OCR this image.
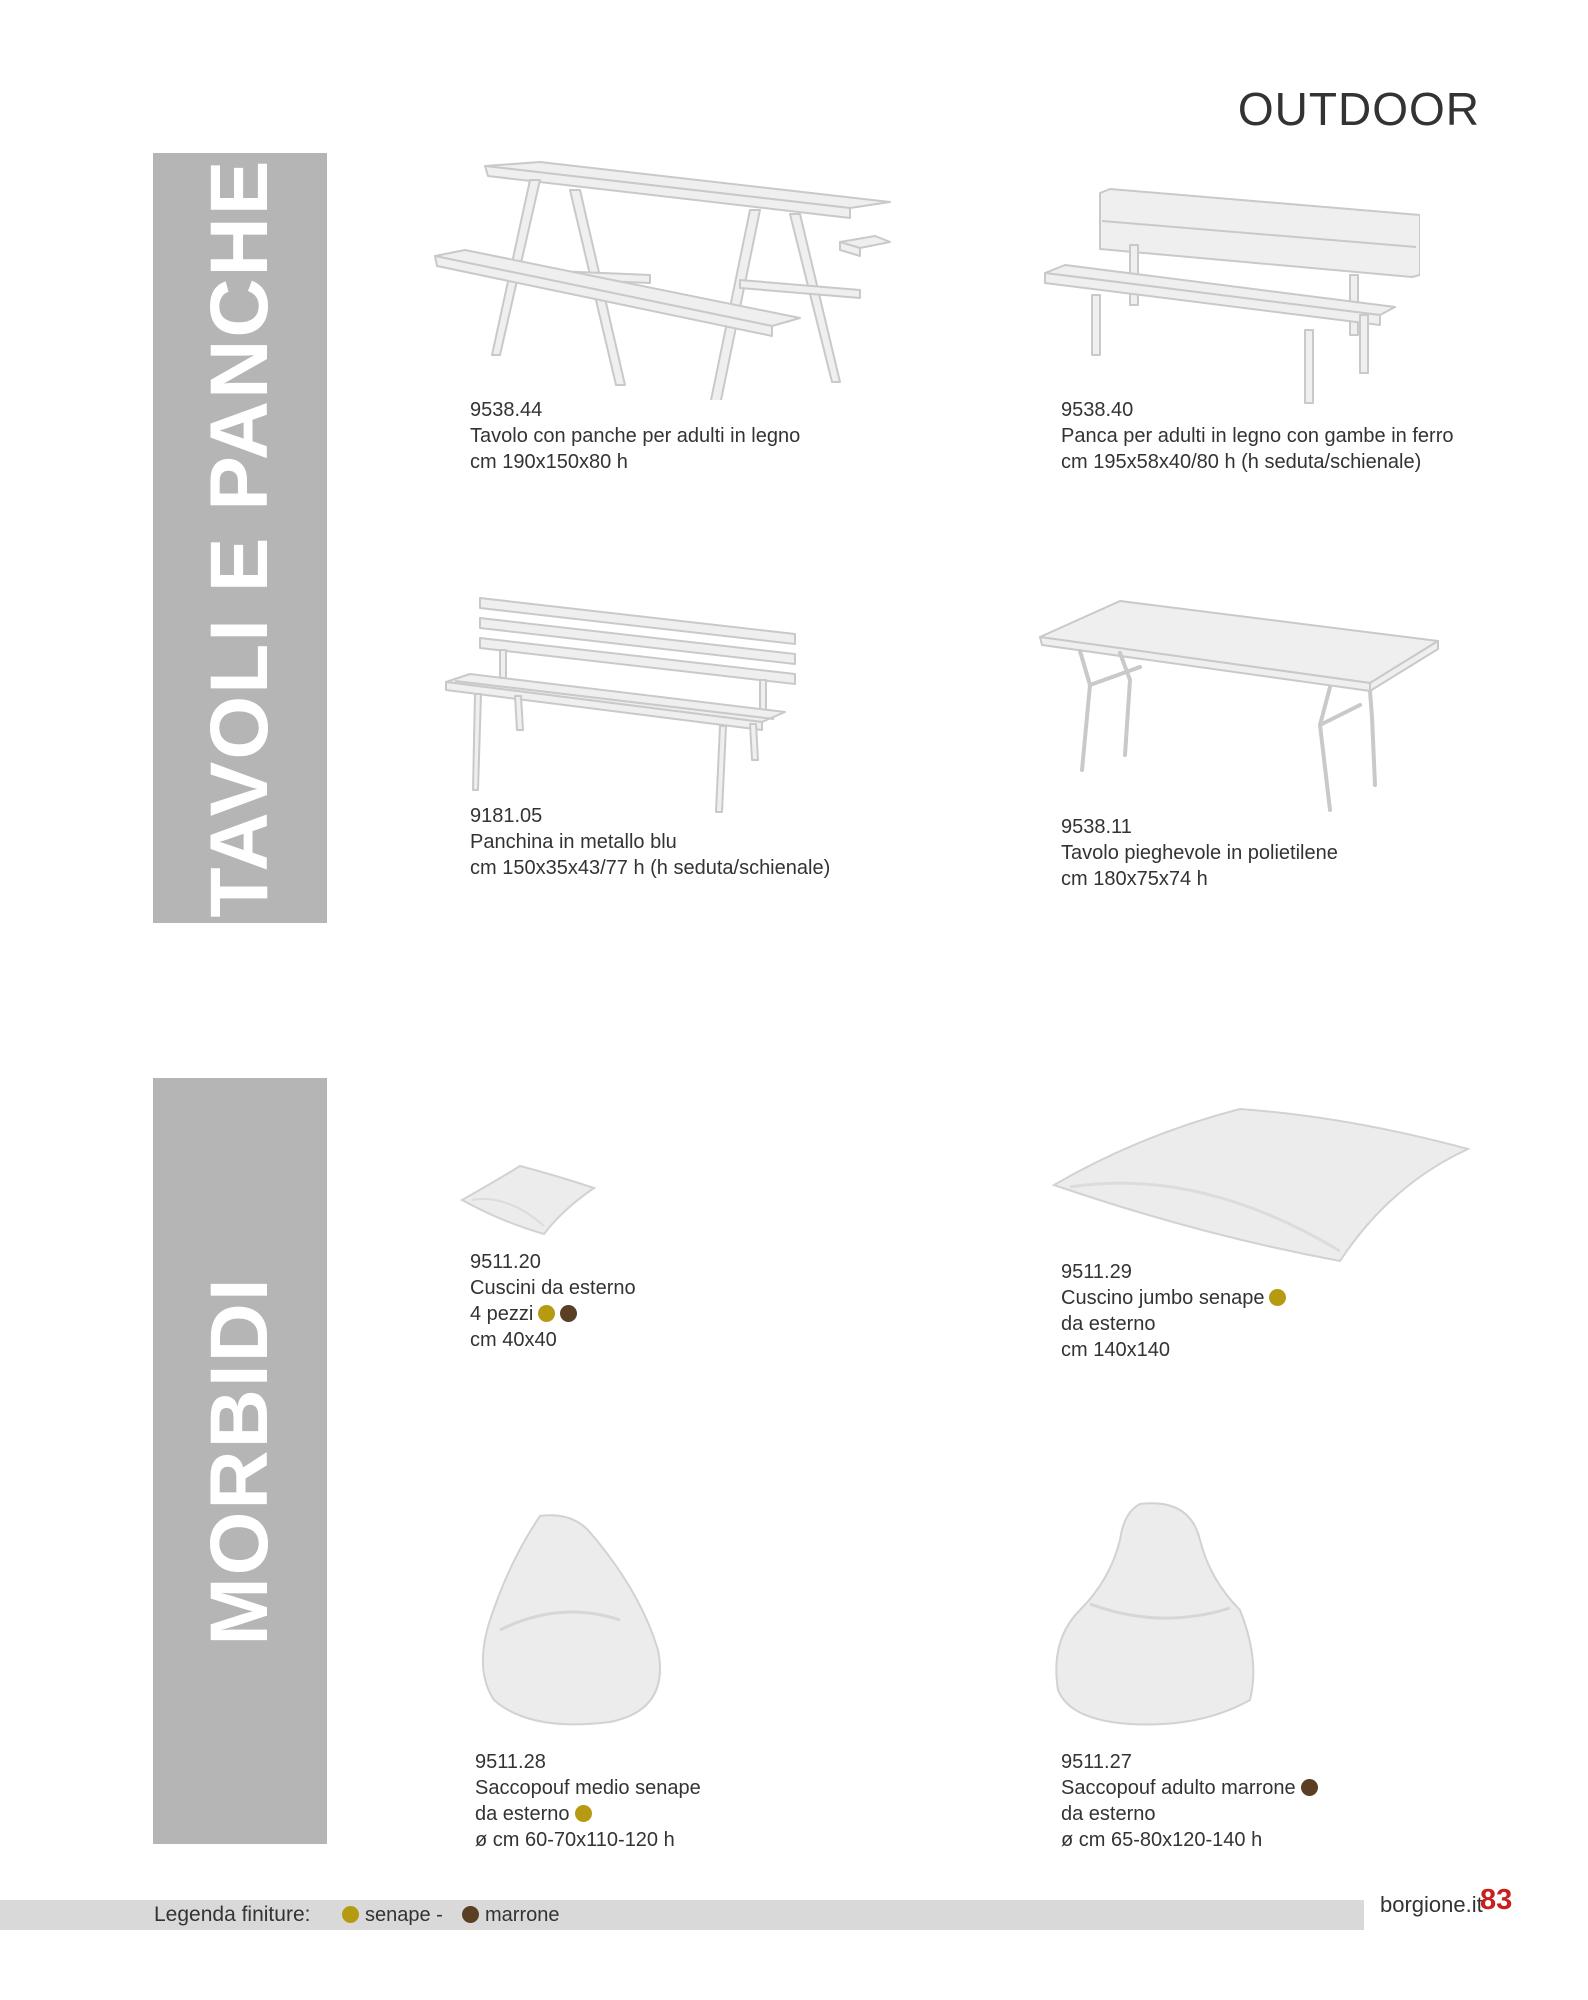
OUTDOOR
TAVOLI E PANCHE
MORBIDI
9538.44
Tavolo con panche per adulti in legno
cm 190x150x80 h
9538.40
Panca per adulti in legno con gambe in ferro
cm 195x58x40/80 h (h seduta/schienale)
9181.05
Panchina in metallo blu
cm 150x35x43/77 h (h seduta/schienale)
9538.11
Tavolo pieghevole in polietilene
cm 180x75x74 h
9511.20
Cuscini da esterno
4 pezzi
cm 40x40
9511.29
Cuscino jumbo senape
da esterno
cm 140x140
9511.28
Saccopouf medio senape
da esterno
ø cm 60-70x110-120 h
9511.27
Saccopouf adulto marrone
da esterno
ø cm 65-80x120-140 h
Legenda finiture:	senape -	marrone	borgione.it
83
